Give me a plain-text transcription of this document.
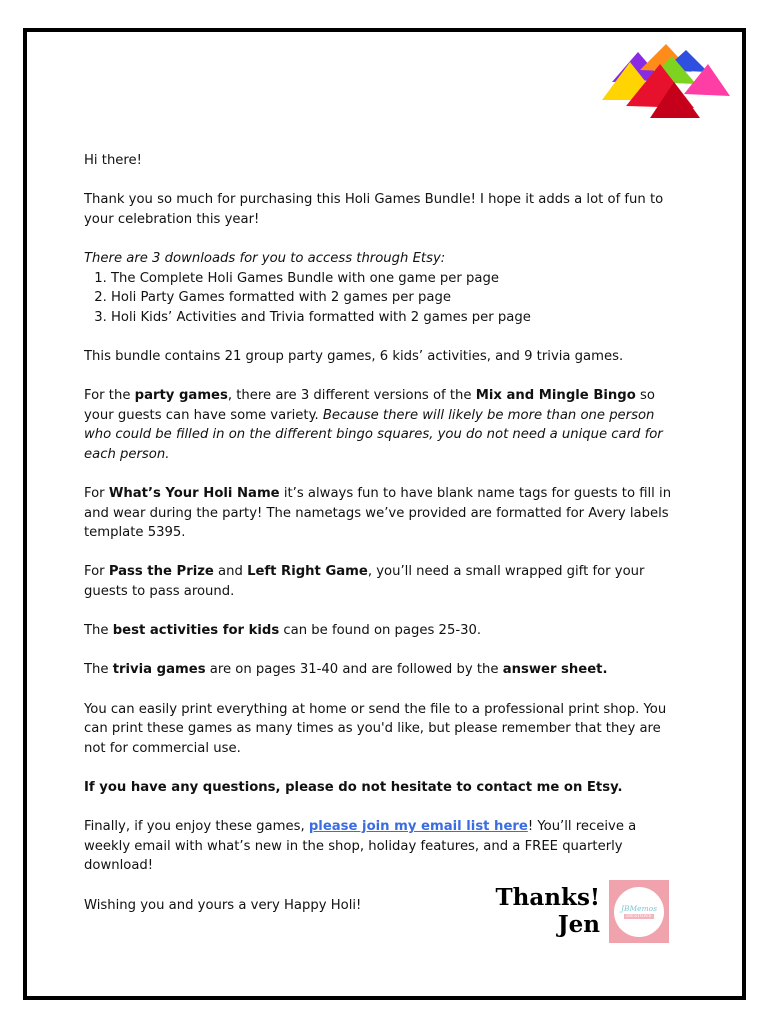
Hi there!

Thank you so much for purchasing this Holi Games Bundle! I hope it adds a lot of fun to your celebration this year!

There are 3 downloads for you to access through Etsy:

1. The Complete Holi Games Bundle with one game per page
2. Holi Party Games formatted with 2 games per page
3. Holi Kids’ Activities and Trivia formatted with 2 games per page

This bundle contains 21 group party games, 6 kids’ activities, and 9 trivia games.

For the party games, there are 3 different versions of the Mix and Mingle Bingo so your guests can have some variety. Because there will likely be more than one person who could be filled in on the different bingo squares, you do not need a unique card for each person.

For What’s Your Holi Name it’s always fun to have blank name tags for guests to fill in and wear during the party! The nametags we’ve provided are formatted for Avery labels template 5395.

For Pass the Prize and Left Right Game, you’ll need a small wrapped gift for your guests to pass around.

The best activities for kids can be found on pages 25-30.

The trivia games are on pages 31-40 and are followed by the answer sheet.

You can easily print everything at home or send the file to a professional print shop. You can print these games as many times as you'd like, but please remember that they are not for commercial use.

If you have any questions, please do not hesitate to contact me on Etsy.

Finally, if you enjoy these games, please join my email list here! You’ll receive a weekly email with what’s new in the shop, holiday features, and a FREE quarterly download!

Wishing you and yours a very Happy Holi!	Thanks!
Jen
JBMemos
DESIGNS
